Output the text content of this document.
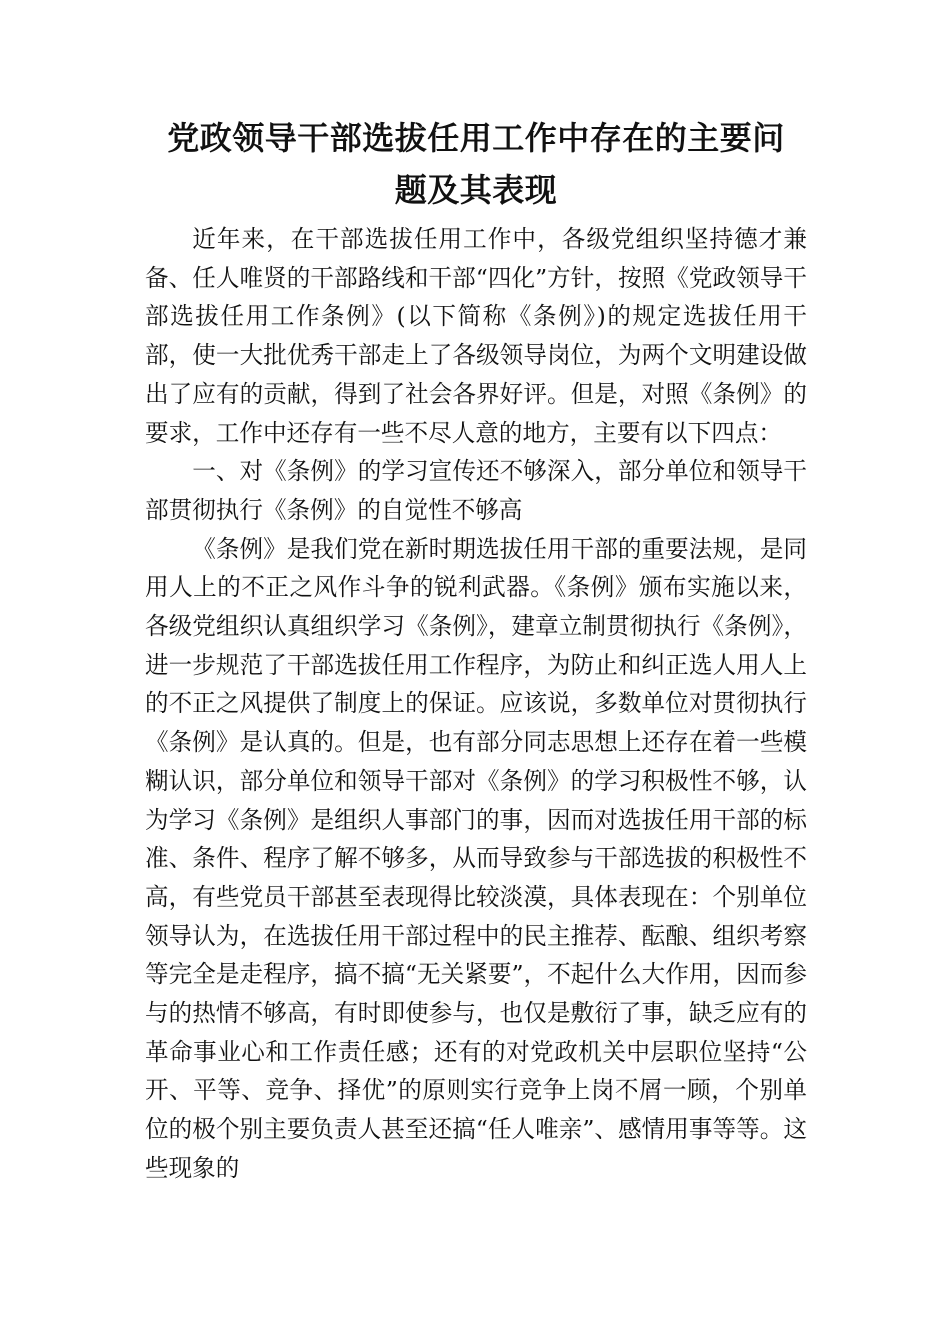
党政领导干部选拔任用工作中存在的主要问
题及其表现

近年来，在干部选拔任用工作中，各级党组织坚持德才兼备、任人唯贤的干部路线和干部“四化”方针，按照《党政领导干部选拔任用工作条例》(以下简称《条例》)的规定选拔任用干部，使一大批优秀干部走上了各级领导岗位，为两个文明建设做出了应有的贡献，得到了社会各界好评。但是，对照《条例》的要求，工作中还存有一些不尽人意的地方，主要有以下四点：

一、对《条例》的学习宣传还不够深入，部分单位和领导干部贯彻执行《条例》的自觉性不够高

《条例》是我们党在新时期选拔任用干部的重要法规，是同用人上的不正之风作斗争的锐利武器。《条例》颁布实施以来，各级党组织认真组织学习《条例》，建章立制贯彻执行《条例》，进一步规范了干部选拔任用工作程序，为防止和纠正选人用人上的不正之风提供了制度上的保证。应该说，多数单位对贯彻执行《条例》是认真的。但是，也有部分同志思想上还存在着一些模糊认识，部分单位和领导干部对《条例》的学习积极性不够，认为学习《条例》是组织人事部门的事，因而对选拔任用干部的标准、条件、程序了解不够多，从而导致参与干部选拔的积极性不高，有些党员干部甚至表现得比较淡漠，具体表现在：个别单位领导认为，在选拔任用干部过程中的民主推荐、酝酿、组织考察等完全是走程序，搞不搞“无关紧要”，不起什么大作用，因而参与的热情不够高，有时即使参与，也仅是敷衍了事，缺乏应有的革命事业心和工作责任感；还有的对党政机关中层职位坚持“公开、平等、竞争、择优”的原则实行竞争上岗不屑一顾，个别单位的极个别主要负责人甚至还搞“任人唯亲”、感情用事等等。这些现象的
